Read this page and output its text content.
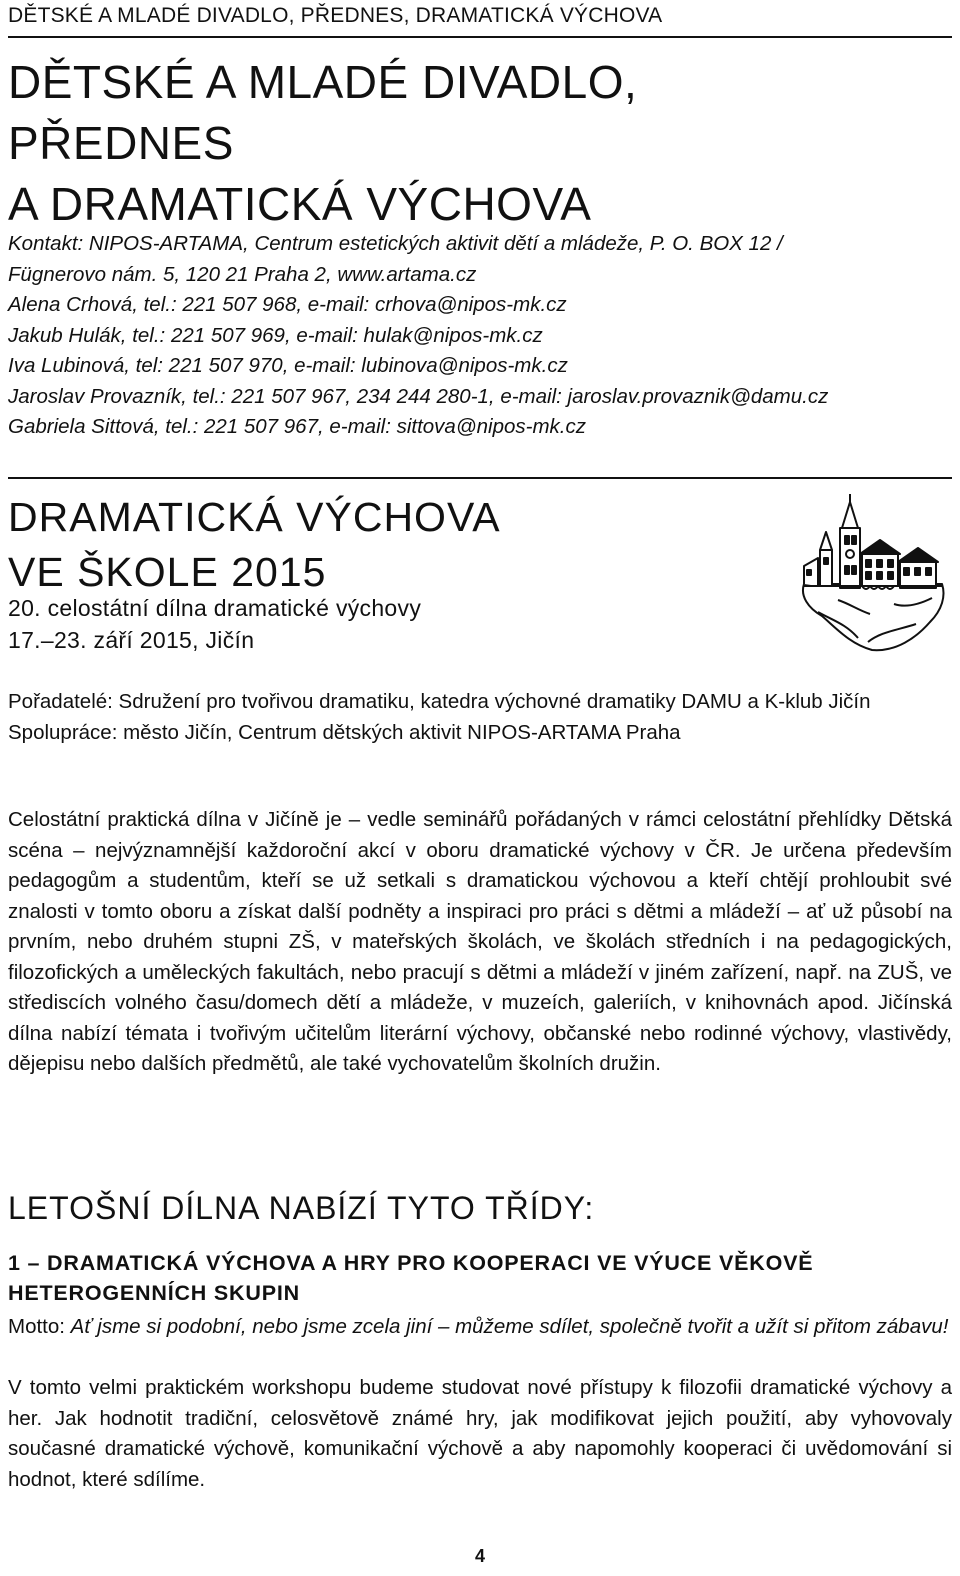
DĚTSKÉ A MLADÉ DIVADLO, PŘEDNES, DRAMATICKÁ VÝCHOVA
DĚTSKÉ A MLADÉ DIVADLO,
PŘEDNES
A DRAMATICKÁ VÝCHOVA
Kontakt: NIPOS-ARTAMA, Centrum estetických aktivit dětí a mládeže, P. O. BOX 12 /
Fügnerovo nám. 5, 120 21 Praha 2, www.artama.cz
Alena Crhová, tel.: 221 507 968, e-mail: crhova@nipos-mk.cz
Jakub Hulák, tel.: 221 507 969, e-mail: hulak@nipos-mk.cz
Iva Lubinová, tel: 221 507 970, e-mail: lubinova@nipos-mk.cz
Jaroslav Provazník, tel.: 221 507 967, 234 244 280-1, e-mail: jaroslav.provaznik@damu.cz
Gabriela Sittová, tel.: 221 507 967, e-mail: sittova@nipos-mk.cz
DRAMATICKÁ VÝCHOVA
VE ŠKOLE 2015
20. celostátní dílna dramatické výchovy
17.–23. září 2015, Jičín
Pořadatelé: Sdružení pro tvořivou dramatiku, katedra výchovné dramatiky DAMU a K-klub Jičín
Spolupráce: město Jičín, Centrum dětských aktivit NIPOS-ARTAMA Praha
Celostátní praktická dílna v Jičíně je – vedle seminářů pořádaných v rámci celostátní přehlídky Dětská scéna – nejvýznamnější každoroční akcí v oboru dramatické výchovy v ČR. Je určena především pedagogům a studentům, kteří se už setkali s dramatickou výchovou a kteří chtějí prohloubit své znalosti v tomto oboru a získat další podněty a inspiraci pro práci s dětmi a mládeží – ať už působí na prvním, nebo druhém stupni ZŠ, v mateřských školách, ve školách středních i na pedagogických, filozofických a uměleckých fakultách, nebo pracují s dětmi a mládeží v jiném zařízení, např. na ZUŠ, ve střediscích volného času/domech dětí a mládeže, v muzeích, galeriích, v knihovnách apod. Jičínská dílna nabízí témata i tvořivým učitelům literární výchovy, občanské nebo rodinné výchovy, vlastivědy, dějepisu nebo dalších předmětů, ale také vychovatelům školních družin.
LETOŠNÍ DÍLNA NABÍZÍ TYTO TŘÍDY:
1 – DRAMATICKÁ VÝCHOVA A HRY PRO KOOPERACI VE VÝUCE VĚKOVĚ HETEROGENNÍCH SKUPIN
Motto: Ať jsme si podobní, nebo jsme zcela jiní – můžeme sdílet, společně tvořit a užít si přitom zábavu!
V tomto velmi praktickém workshopu budeme studovat nové přístupy k filozofii dramatické výchovy a her. Jak hodnotit tradiční, celosvětově známé hry, jak modifikovat jejich použití, aby vyhovovaly současné dramatické výchově, komunikační výchově a aby napomohly kooperaci či uvědomování si hodnot, které sdílíme.
4
